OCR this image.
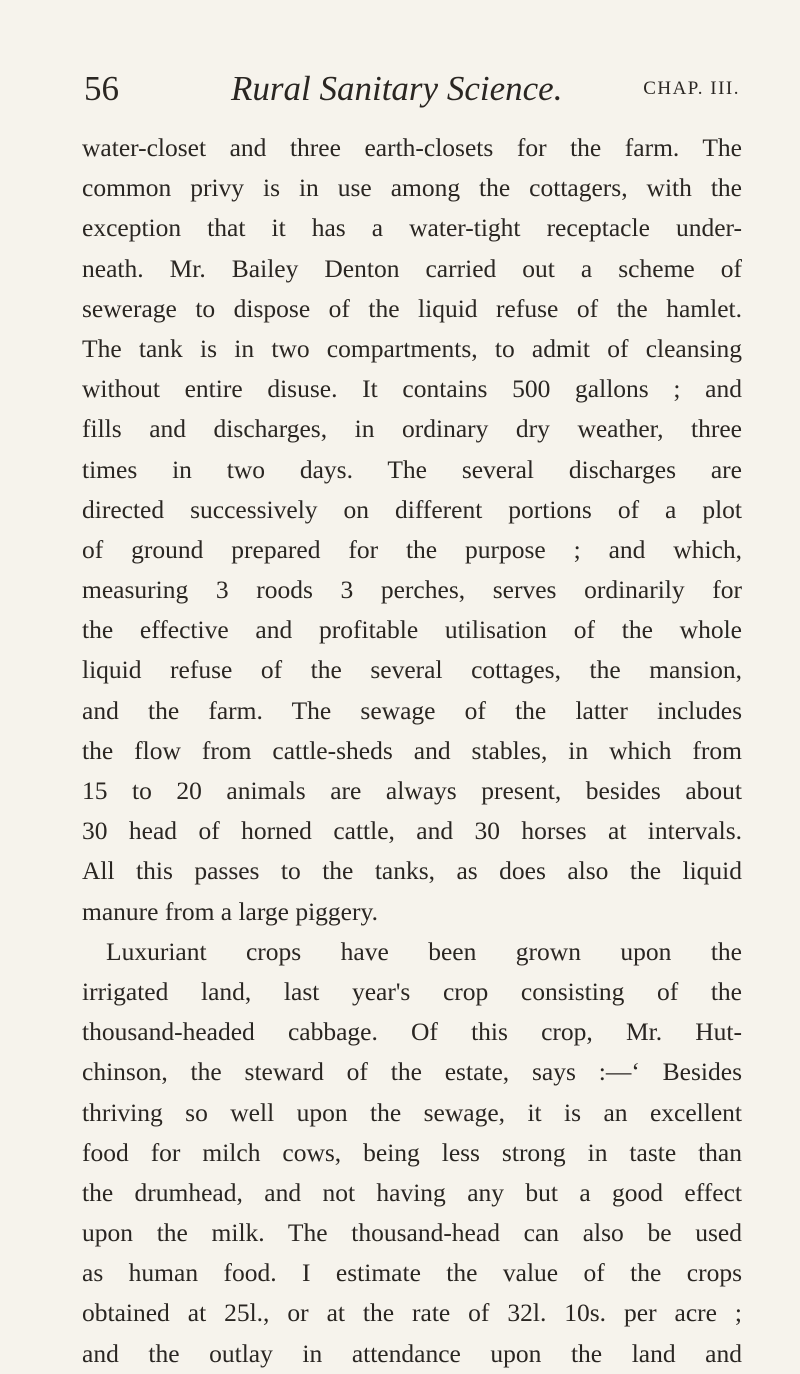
56	Rural Sanitary Science.	CHAP. III.
water-closet and three earth-closets for the farm. The
common privy is in use among the cottagers, with the
exception that it has a water-tight receptacle under-
neath. Mr. Bailey Denton carried out a scheme of
sewerage to dispose of the liquid refuse of the hamlet.
The tank is in two compartments, to admit of cleansing
without entire disuse. It contains 500 gallons ; and
fills and discharges, in ordinary dry weather, three
times in two days. The several discharges are
directed successively on different portions of a plot
of ground prepared for the purpose ; and which,
measuring 3 roods 3 perches, serves ordinarily for
the effective and profitable utilisation of the whole
liquid refuse of the several cottages, the mansion,
and the farm. The sewage of the latter includes
the flow from cattle-sheds and stables, in which from
15 to 20 animals are always present, besides about
30 head of horned cattle, and 30 horses at intervals.
All this passes to the tanks, as does also the liquid
manure from a large piggery.
Luxuriant crops have been grown upon the
irrigated land, last year's crop consisting of the
thousand-headed cabbage. Of this crop, Mr. Hut-
chinson, the steward of the estate, says :—‘ Besides
thriving so well upon the sewage, it is an excellent
food for milch cows, being less strong in taste than
the drumhead, and not having any but a good effect
upon the milk. The thousand-head can also be used
as human food. I estimate the value of the crops
obtained at 25l., or at the rate of 32l. 10s. per acre ;
and the outlay in attendance upon the land and
